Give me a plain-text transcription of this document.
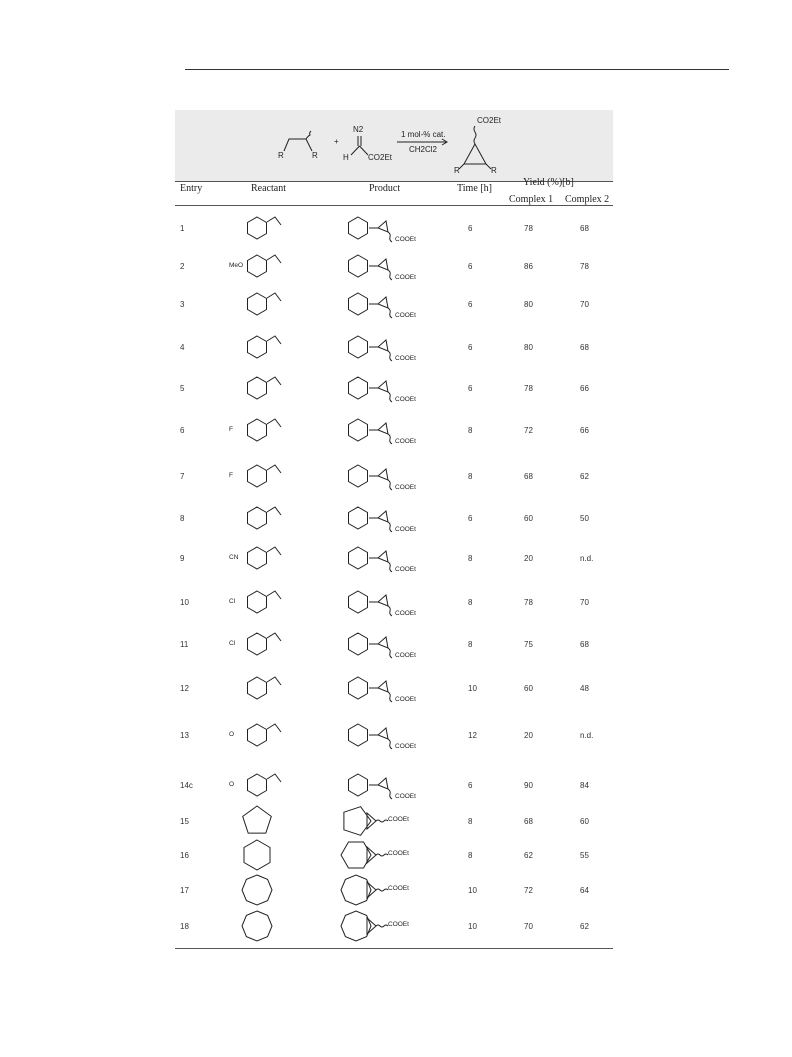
R	R
+
N2
H CO2Et
1 mol-% cat.
CH2Cl2
CO2Et
R	R
Entry	Reactant	Product	Time [h]
Yield (%)[b]
Complex 1 Complex 2
1	6	78	68
COOEt
2	6	86	78
MeO
COOEt
3	6	80	70
COOEt
4	6	80	68
COOEt
5	6	78	66
COOEt
6	8	72	66
F
COOEt
7	8	68	62
F
COOEt
8	6	60	50
COOEt
9	8	20	n.d.
CN
COOEt
10	8	78	70
Cl
COOEt
11	8	75	68
Cl
COOEt
12	10	60	48
COOEt
13	12	20	n.d.
O
COOEt
14c	6	90	84
O
COOEt
15	8	68	60
COOEt
16	8	62	55
COOEt
17	10	72	64
COOEt
18	10	70	62
COOEt
